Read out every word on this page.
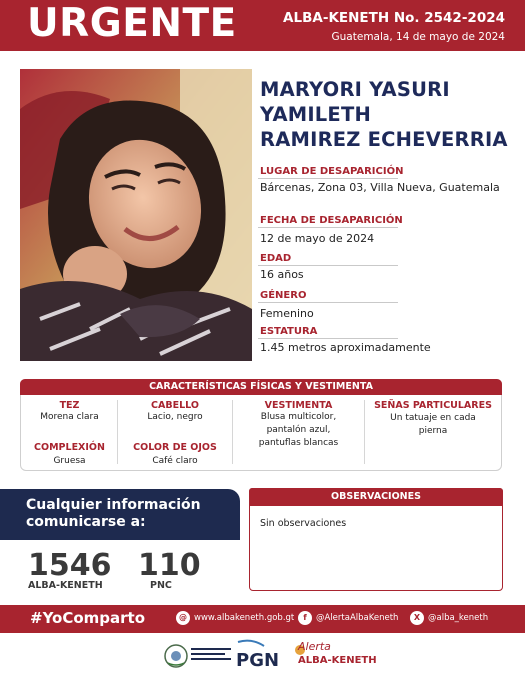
URGENTE	ALBA-KENETH No. 2542-2024
Guatemala, 14 de mayo de 2024
MARYORI YASURI
YAMILETH
RAMIREZ ECHEVERRIA
LUGAR DE DESAPARICIÓN
Bárcenas, Zona 03, Villa Nueva, Guatemala
FECHA DE DESAPARICIÓN
12 de mayo de 2024
EDAD
16 años
GÉNERO
Femenino
ESTATURA
1.45 metros aproximadamente
CARACTERÍSTICAS FÍSICAS Y VESTIMENTA
TEZ
Morena clara
CABELLO
Lacio, negro
VESTIMENTA
Blusa multicolor,
pantalón azul,
pantuflas blancas
SEÑAS PARTICULARES
Un tatuaje en cada
pierna
COMPLEXIÓN
Gruesa
COLOR DE OJOS
Café claro
Cualquier información
comunicarse a:
1546
ALBA-KENETH
110
PNC
OBSERVACIONES
Sin observaciones
#YoComparto	@ www.albakeneth.gob.gt	f	@AlertaAlbaKeneth	X @alba_keneth
PGN
Alerta
ALBA-KENETH
